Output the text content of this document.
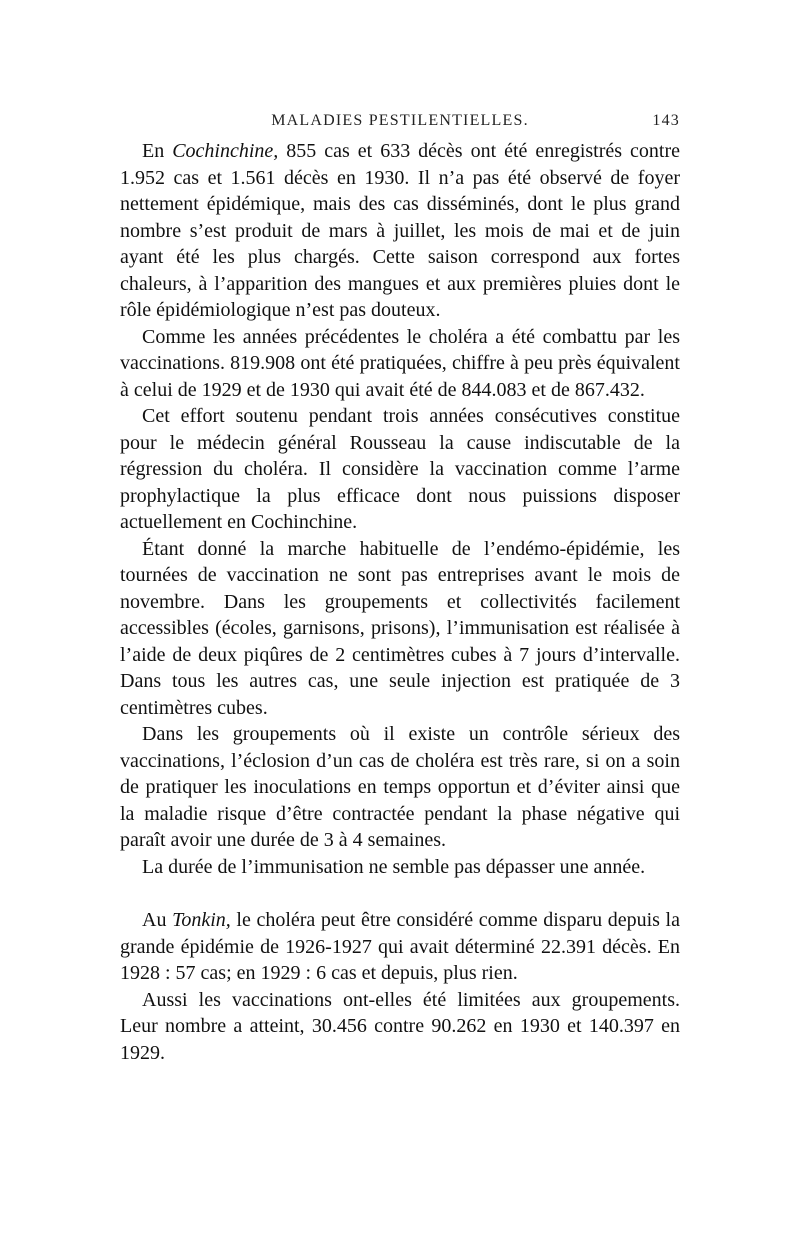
MALADIES PESTILENTIELLES.	143

En Cochinchine, 855 cas et 633 décès ont été enregistrés contre 1.952 cas et 1.561 décès en 1930. Il n’a pas été observé de foyer nettement épidémique, mais des cas disséminés, dont le plus grand nombre s’est produit de mars à juillet, les mois de mai et de juin ayant été les plus chargés. Cette saison correspond aux fortes chaleurs, à l’apparition des mangues et aux premières pluies dont le rôle épidémiologique n’est pas douteux.

Comme les années précédentes le choléra a été combattu par les vaccinations. 819.908 ont été pratiquées, chiffre à peu près équivalent à celui de 1929 et de 1930 qui avait été de 844.083 et de 867.432.

Cet effort soutenu pendant trois années consécutives constitue pour le médecin général Rousseau la cause indiscutable de la régression du choléra. Il considère la vaccination comme l’arme prophylactique la plus efficace dont nous puissions disposer actuellement en Cochinchine.

Étant donné la marche habituelle de l’endémo-épidémie, les tournées de vaccination ne sont pas entreprises avant le mois de novembre. Dans les groupements et collectivités facilement accessibles (écoles, garnisons, prisons), l’immunisation est réalisée à l’aide de deux piqûres de 2 centimètres cubes à 7 jours d’intervalle. Dans tous les autres cas, une seule injection est pratiquée de 3 centimètres cubes.

Dans les groupements où il existe un contrôle sérieux des vaccinations, l’éclosion d’un cas de choléra est très rare, si on a soin de pratiquer les inoculations en temps opportun et d’éviter ainsi que la maladie risque d’être contractée pendant la phase négative qui paraît avoir une durée de 3 à 4 semaines.

La durée de l’immunisation ne semble pas dépasser une année.

Au Tonkin, le choléra peut être considéré comme disparu depuis la grande épidémie de 1926-1927 qui avait déterminé 22.391 décès. En 1928 : 57 cas; en 1929 : 6 cas et depuis, plus rien.

Aussi les vaccinations ont-elles été limitées aux groupements. Leur nombre a atteint, 30.456 contre 90.262 en 1930 et 140.397 en 1929.
